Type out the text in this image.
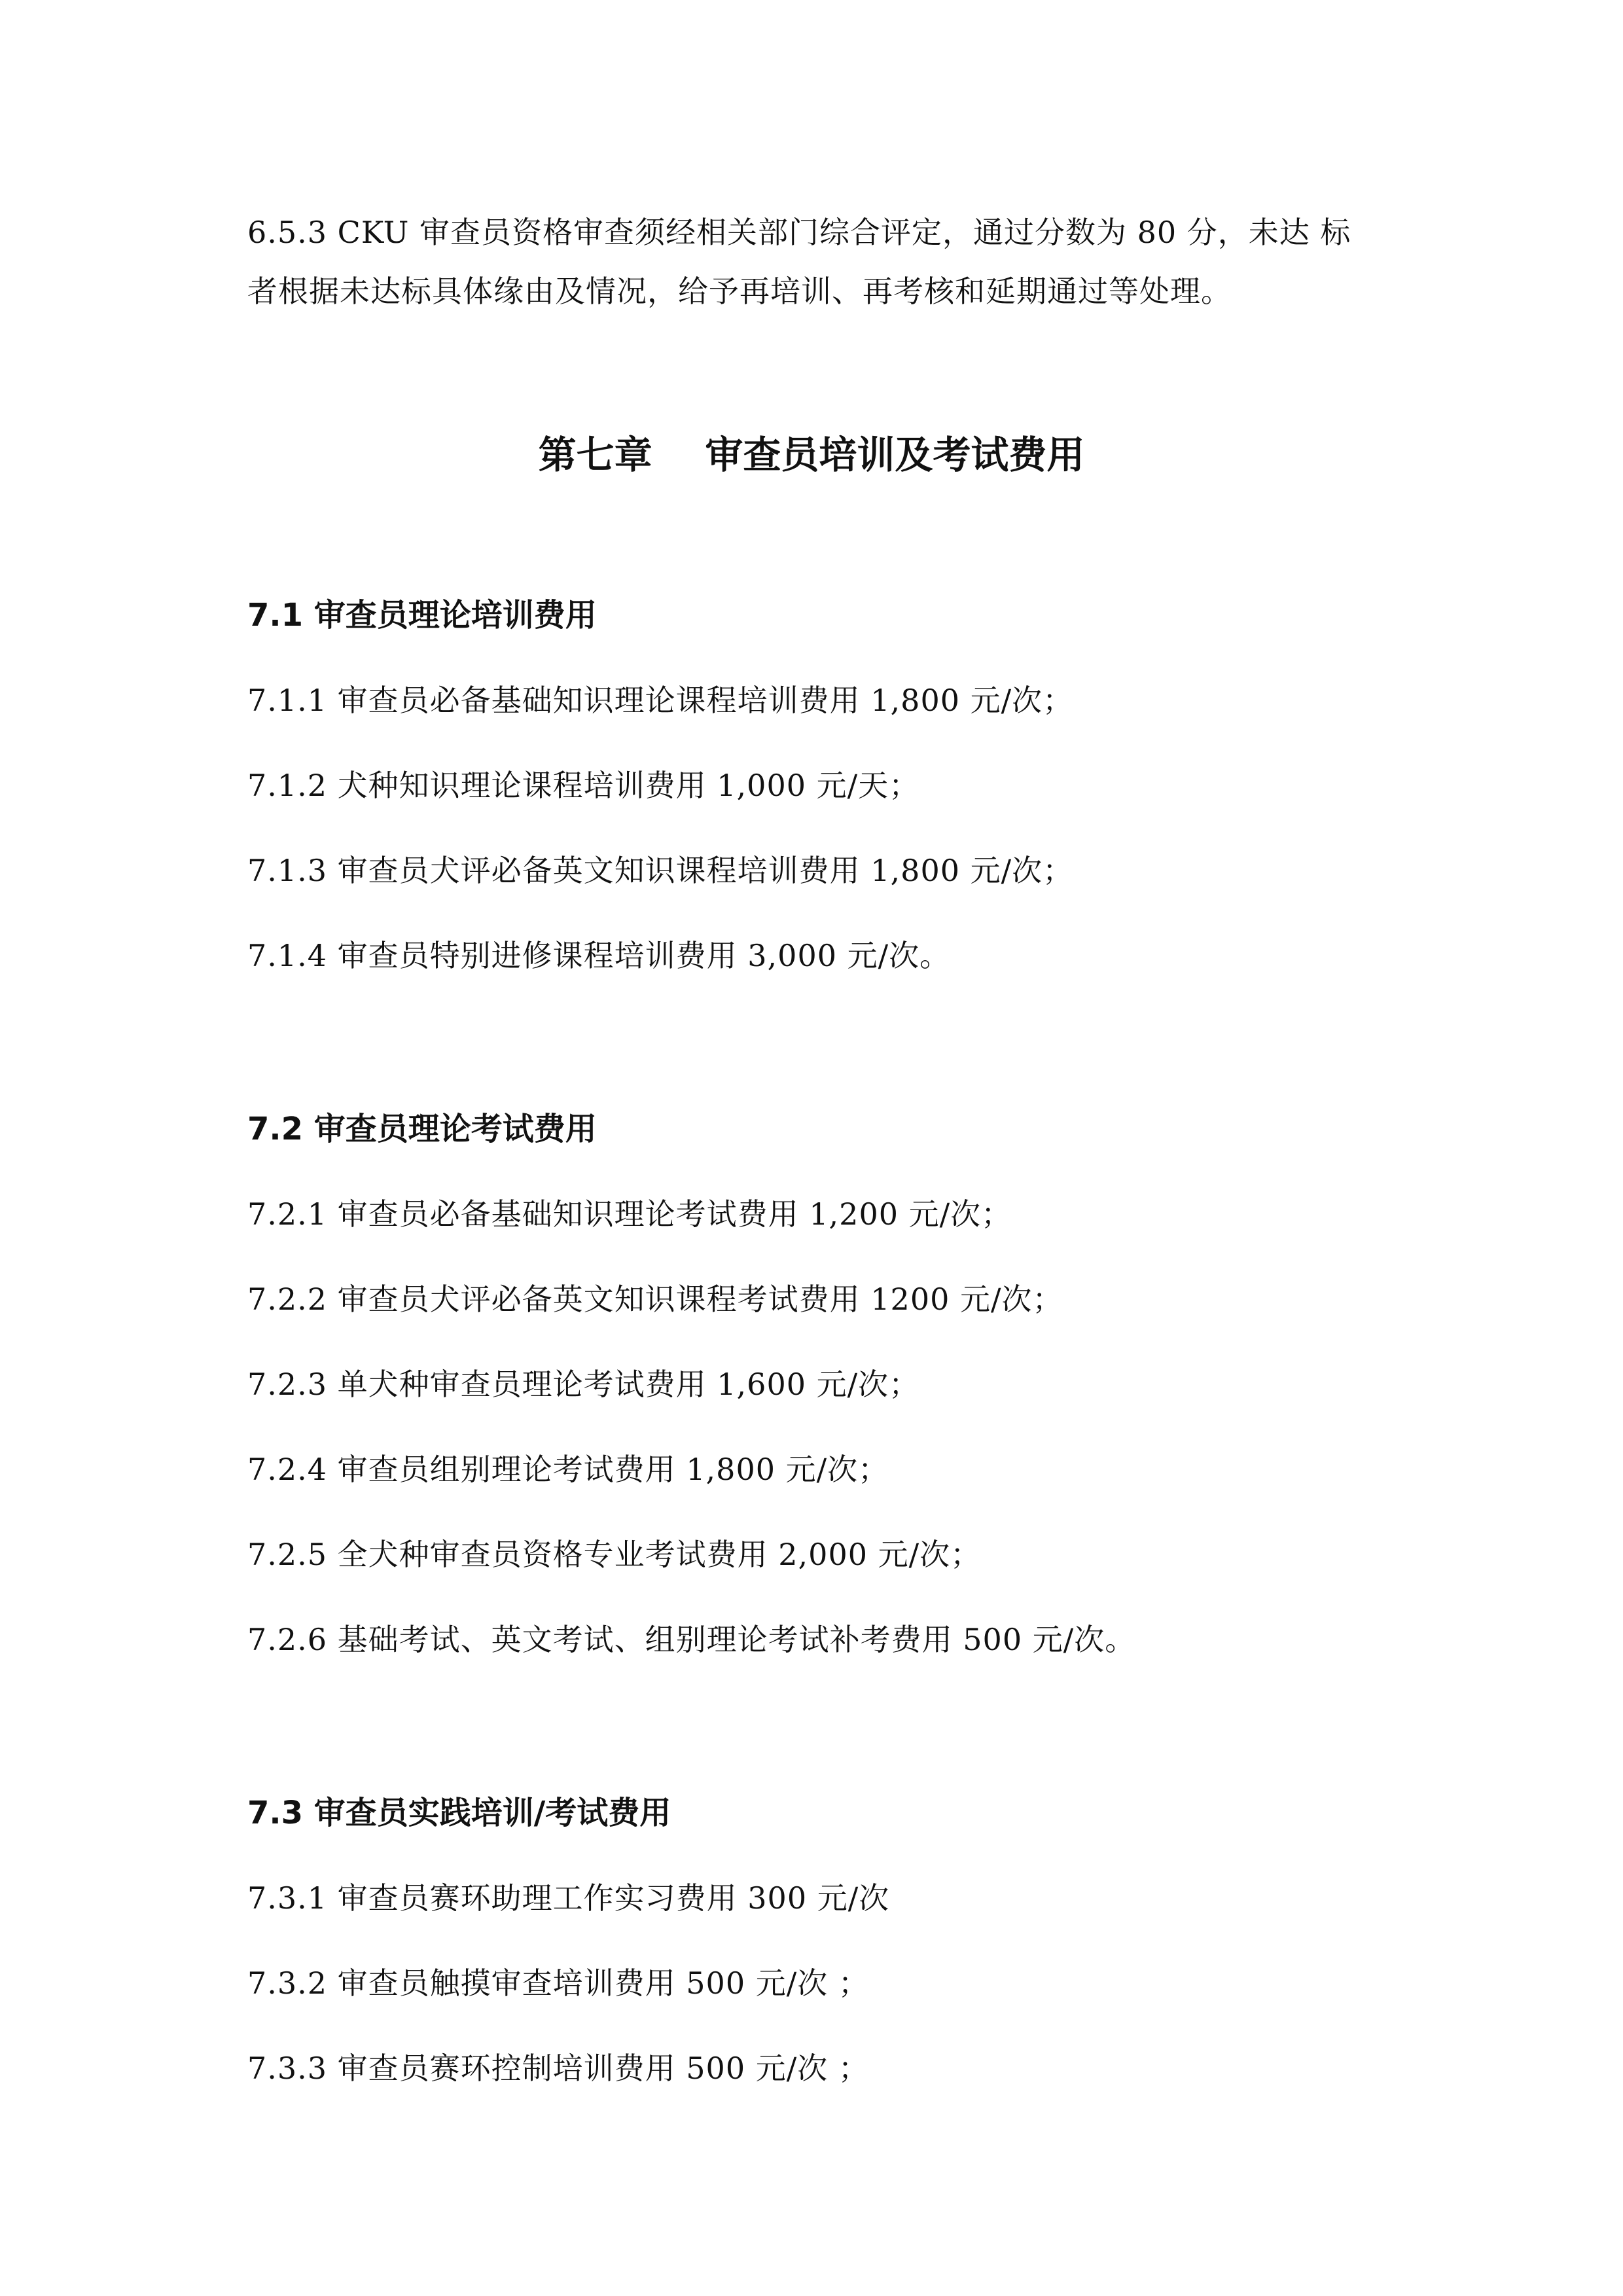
6.5.3 CKU 审查员资格审查须经相关部门综合评定，通过分数为 80 分，未达 标
者根据未达标具体缘由及情况，给予再培训、再考核和延期通过等处理。
第七章    审查员培训及考试费用
7.1 审查员理论培训费用
7.1.1 审查员必备基础知识理论课程培训费用 1,800 元/次；
7.1.2 犬种知识理论课程培训费用 1,000 元/天；
7.1.3 审查员犬评必备英文知识课程培训费用 1,800 元/次；
7.1.4 审查员特别进修课程培训费用 3,000 元/次。
7.2 审查员理论考试费用
7.2.1 审查员必备基础知识理论考试费用 1,200 元/次；
7.2.2 审查员犬评必备英文知识课程考试费用 1200 元/次；
7.2.3 单犬种审查员理论考试费用 1,600 元/次；
7.2.4 审查员组别理论考试费用 1,800 元/次；
7.2.5 全犬种审查员资格专业考试费用 2,000 元/次；
7.2.6 基础考试、英文考试、组别理论考试补考费用 500 元/次。
7.3 审查员实践培训/考试费用
7.3.1 审查员赛环助理工作实习费用 300 元/次
7.3.2 审查员触摸审查培训费用 500 元/次 ；
7.3.3 审查员赛环控制培训费用 500 元/次 ；
